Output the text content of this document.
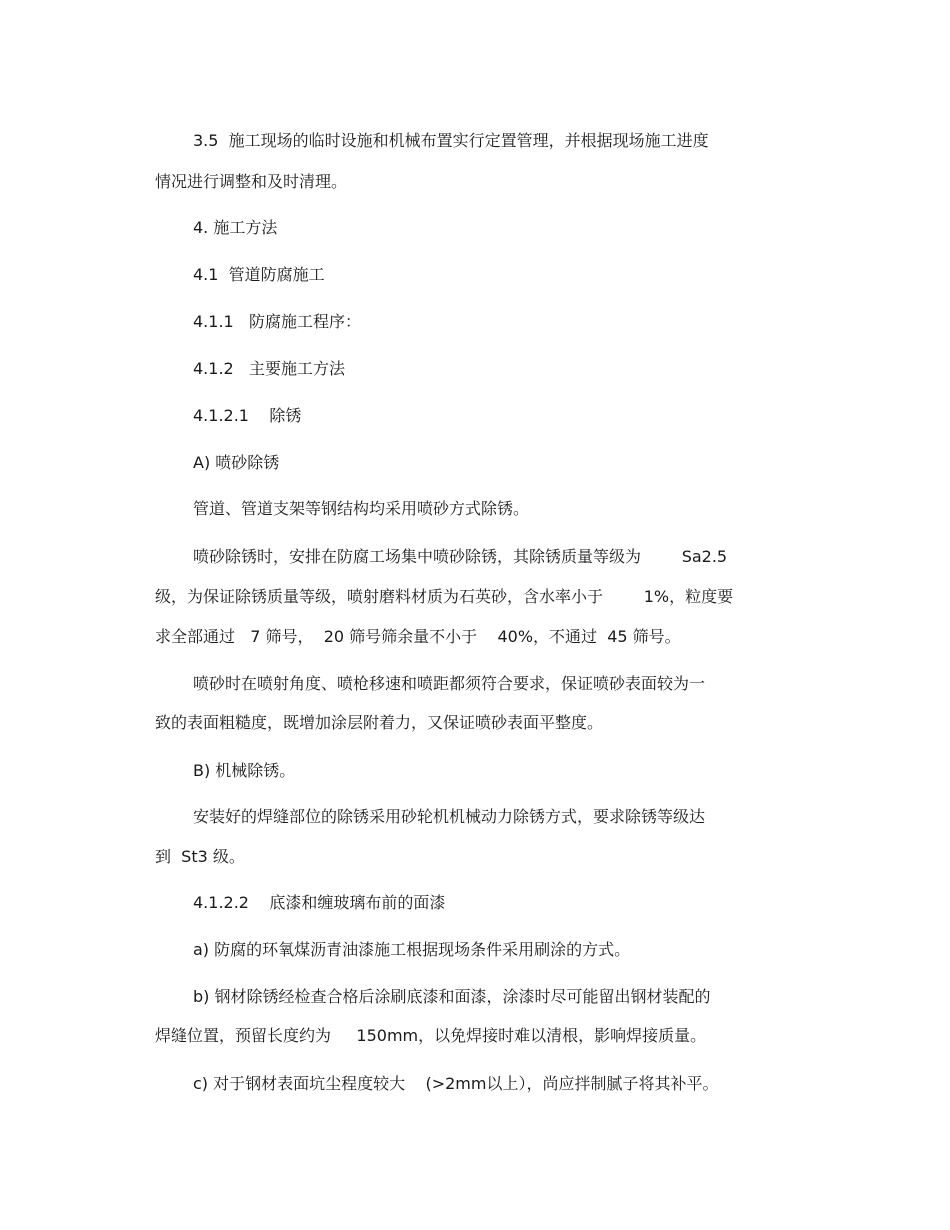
3.5  施工现场的临时设施和机械布置实行定置管理，并根据现场施工进度
情况进行调整和及时清理。
4. 施工方法
4.1  管道防腐施工
4.1.1   防腐施工程序：
4.1.2   主要施工方法
4.1.2.1    除锈
A) 喷砂除锈
管道、管道支架等钢结构均采用喷砂方式除锈。
喷砂除锈时，安排在防腐工场集中喷砂除锈，其除锈质量等级为        Sa2.5
级，为保证除锈质量等级，喷射磨料材质为石英砂，含水率小于        1%，粒度要
求全部通过   7 筛号，  20 筛号筛余量不小于    40%，不通过  45 筛号。
喷砂时在喷射角度、喷枪移速和喷距都须符合要求，保证喷砂表面较为一
致的表面粗糙度，既增加涂层附着力，又保证喷砂表面平整度。
B) 机械除锈。
安装好的焊缝部位的除锈采用砂轮机机械动力除锈方式，要求除锈等级达
到  St3 级。
4.1.2.2    底漆和缠玻璃布前的面漆
a) 防腐的环氧煤沥青油漆施工根据现场条件采用刷涂的方式。
b) 钢材除锈经检查合格后涂刷底漆和面漆，涂漆时尽可能留出钢材装配的
焊缝位置，预留长度约为     150mm，以免焊接时难以清根，影响焊接质量。
c) 对于钢材表面坑尘程度较大    (>2mm以上），尚应拌制腻子将其补平。
